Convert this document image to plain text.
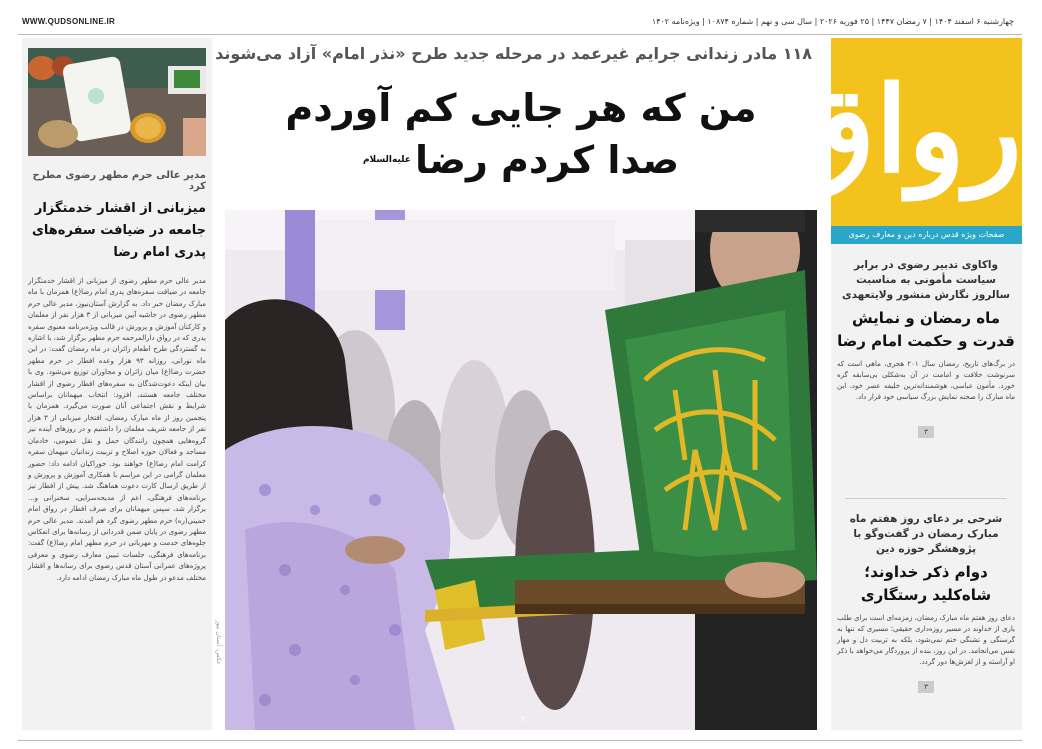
WWW.QUDSONLINE.IR	چهارشنبه ۶ اسفند ۱۴۰۴ | ۷ رمضان ۱۴۴۷ | ۲۵ فوریه ۲۰۲۶ | سال سی و نهم | شماره ۱۰۸۷۴ | ویژه‌نامه ۱۴۰۲
رواق
صفحات ویژه قدس درباره دین و معارف رضوی
واکاوی تدبیر رضوی در برابر سیاست مأمونی به مناسبت سالروز نگارش منشور ولایتعهدی
ماه رمضان و نمایش قدرت و حکمت امام رضا
در برگ‌های تاریخ، رمضان سال ۲۰۱ هجری، ماهی است که سرنوشت خلافت و امامت در آن به‌شکلی بی‌سابقه گره خورد. مأمون عباسی، هوشمندانه‌ترین خلیفه عصر خود، این ماه مبارک را صحنه نمایش بزرگ سیاسی خود قرار داد.
۳
شرحی بر دعای روز هفتم ماه مبارک رمضان در گفت‌وگو با پژوهشگر حوزه دین
دوام ذکر خداوند؛ شاه‌کلید رستگاری
دعای روز هفتم ماه مبارک رمضان، زمزمه‌ای است برای طلب یاری از خداوند در مسیر روزه‌داری حقیقی؛ مسیری که تنها به گرسنگی و تشنگی ختم نمی‌شود، بلکه به تربیت دل و مهار نفس می‌انجامد. در این روز، بنده از پروردگار می‌خواهد با ذکر او آراسته و از لغزش‌ها دور گردد.
۳
مدیر عالی حرم مطهر رضوی مطرح کرد
میزبانی از اقشار خدمتگزار جامعه در ضیافت سفره‌های پدری امام رضا
مدیر عالی حرم مطهر رضوی از میزبانی از اقشار خدمتگزار جامعه در ضیافت سفره‌های پدری امام رضا(ع) همزمان با ماه مبارک رمضان خبر داد. به گزارش آستان‌نیوز، مدیر عالی حرم مطهر رضوی در حاشیه آیین میزبانی از ۳ هزار نفر از معلمان و کارکنان آموزش و پرورش در قالب ویژه‌برنامه معنوی سفره پدری که در رواق دارالمرحمه حرم مطهر برگزار شد، با اشاره به گستردگی طرح اطعام زائران در ماه رمضان گفت: در این ماه نورانی، روزانه ۹۳ هزار وعده افطار در حرم مطهر حضرت رضا(ع) میان زائران و مجاوران توزیع می‌شود. وی با بیان اینکه دعوت‌شدگان به سفره‌های افطار رضوی از اقشار مختلف جامعه هستند، افزود: انتخاب میهمانان براساس شرایط و نقش اجتماعی آنان صورت می‌گیرد. همزمان با پنجمین روز از ماه مبارک رمضان، افتخار میزبانی از ۳ هزار نفر از جامعه شریف معلمان را داشتیم و در روزهای آینده نیز گروه‌هایی همچون رانندگان حمل و نقل عمومی، خادمان مساجد و فعالان حوزه اصلاح و تربیت زندانیان میهمان سفره کرامت امام رضا(ع) خواهند بود. خوراکیان ادامه داد: حضور معلمان گرامی در این مراسم با همکاری آموزش و پرورش و از طریق ارسال کارت دعوت هماهنگ شد. پیش از افطار نیز برنامه‌های فرهنگی، اعم از مدیحه‌سرایی، سخنرانی و... برگزار شد، سپس میهمانان برای صرف افطار در رواق امام خمینی(ره) حرم مطهر رضوی گرد هم آمدند. مدیر عالی حرم مطهر رضوی در پایان ضمن قدردانی از رسانه‌ها برای انعکاس جلوه‌های خدمت و مهربانی در حرم مطهر امام رضا(ع) گفت: برنامه‌های فرهنگی، جلسات تبیین معارف رضوی و معرفی پروژه‌های عمرانی آستان قدس رضوی برای رسانه‌ها و اقشار مختلف مدعو در طول ماه مبارک رمضان ادامه دارد.
۱۱۸ مادر زندانی جرایم غیرعمد در مرحله جدید طرح «نذر امام» آزاد می‌شوند
من که هر جایی کم آوردم
صدا کردم رضا$^{علیه‌السلام}$
۲
عکس: آستان نیوز
